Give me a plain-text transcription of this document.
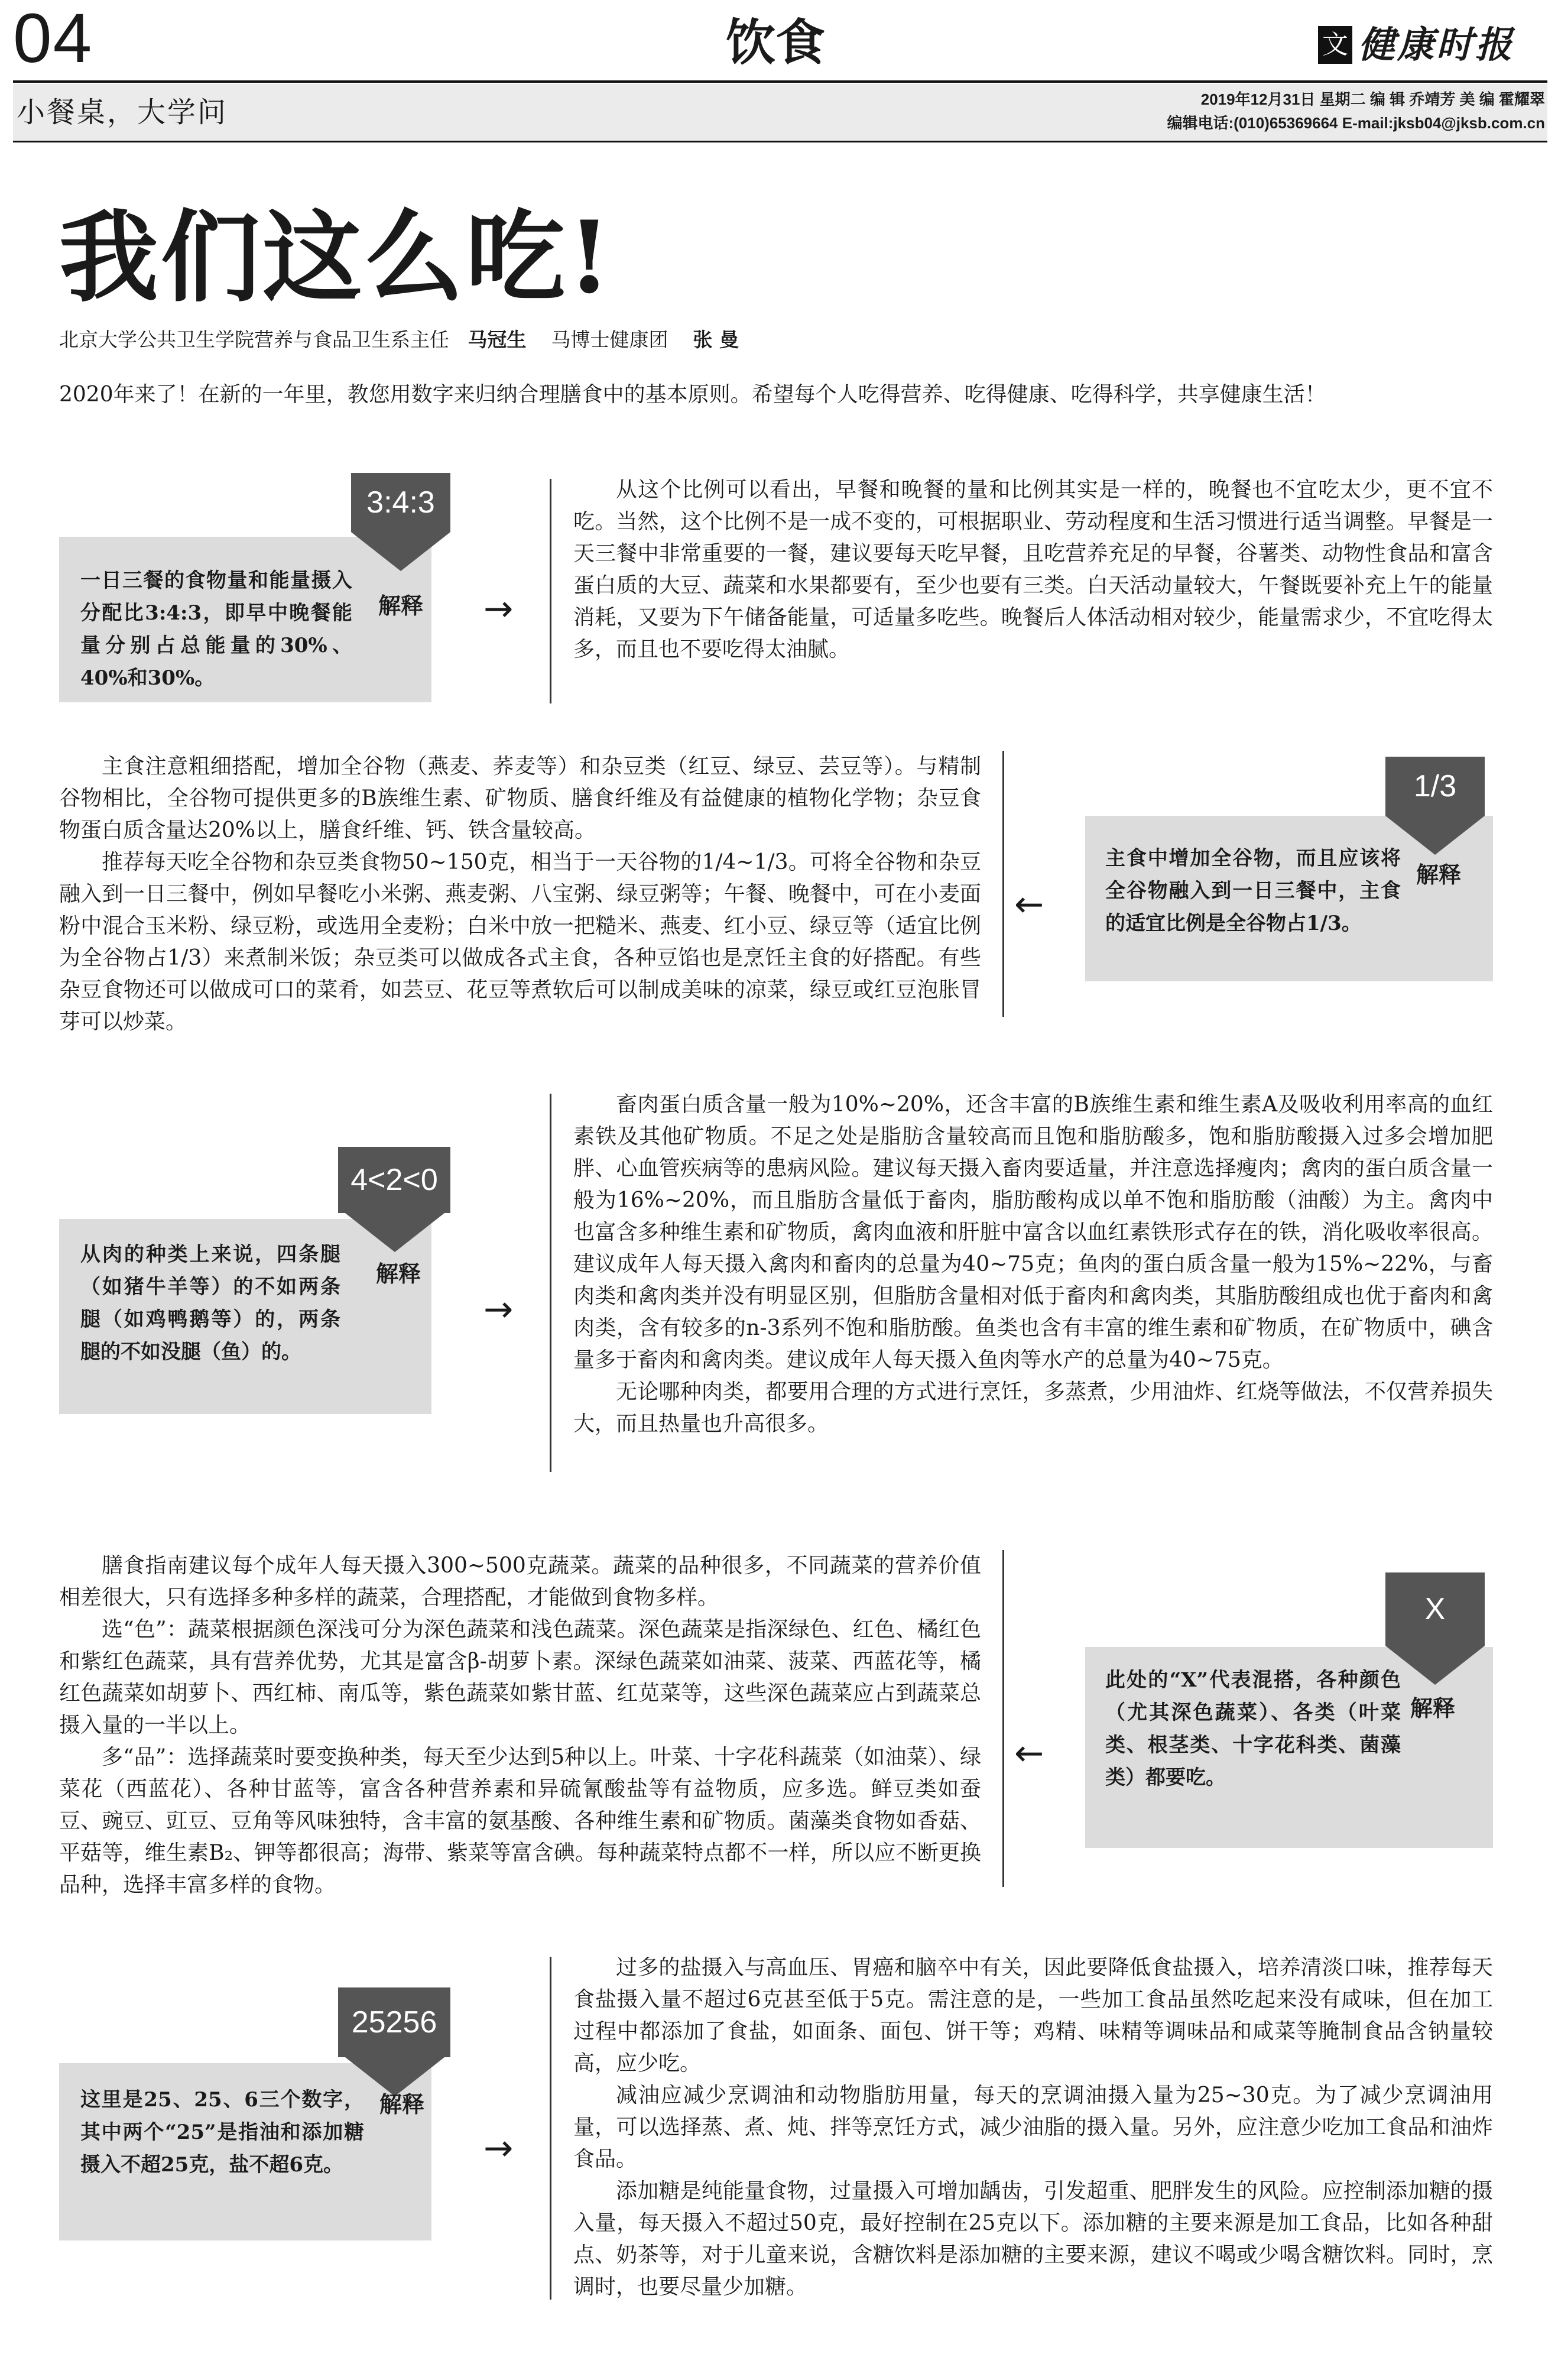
04	饮食	文 健康时报
小餐桌，大学问	2019年12月31日 星期二 编 辑 乔靖芳 美 编 霍耀翠
编辑电话:(010)65369664 E-mail:jksb04@jksb.com.cn
我们这么吃!
北京大学公共卫生学院营养与食品卫生系主任 马冠生 马博士健康团 张 曼
2020年来了！在新的一年里，教您用数字来归纳合理膳食中的基本原则。希望每个人吃得营养、吃得健康、吃得科学，共享健康生活！
3:4:3
一日三餐的食物量和能量摄入分配比3:4:3，即早中晚餐能量分别占总能量的30%、40%和30%。
解释 →

从这个比例可以看出，早餐和晚餐的量和比例其实是一样的，晚餐也不宜吃太少，更不宜不吃。当然，这个比例不是一成不变的，可根据职业、劳动程度和生活习惯进行适当调整。早餐是一天三餐中非常重要的一餐，建议要每天吃早餐，且吃营养充足的早餐，谷薯类、动物性食品和富含蛋白质的大豆、蔬菜和水果都要有，至少也要有三类。白天活动量较大，午餐既要补充上午的能量消耗，又要为下午储备能量，可适量多吃些。晚餐后人体活动相对较少，能量需求少，不宜吃得太多，而且也不要吃得太油腻。

主食注意粗细搭配，增加全谷物（燕麦、荞麦等）和杂豆类（红豆、绿豆、芸豆等）。与精制谷物相比，全谷物可提供更多的B族维生素、矿物质、膳食纤维及有益健康的植物化学物；杂豆食物蛋白质含量达20%以上，膳食纤维、钙、铁含量较高。

推荐每天吃全谷物和杂豆类食物50~150克，相当于一天谷物的1/4~1/3。可将全谷物和杂豆融入到一日三餐中，例如早餐吃小米粥、燕麦粥、八宝粥、绿豆粥等；午餐、晚餐中，可在小麦面粉中混合玉米粉、绿豆粉，或选用全麦粉；白米中放一把糙米、燕麦、红小豆、绿豆等（适宜比例为全谷物占1/3）来煮制米饭；杂豆类可以做成各式主食，各种豆馅也是烹饪主食的好搭配。有些杂豆食物还可以做成可口的菜肴，如芸豆、花豆等煮软后可以制成美味的凉菜，绿豆或红豆泡胀冒芽可以炒菜。

←
1/3
主食中增加全谷物，而且应该将全谷物融入到一日三餐中，主食的适宜比例是全谷物占1/3。
解释
4<2<0
从肉的种类上来说，四条腿（如猪牛羊等）的不如两条腿（如鸡鸭鹅等）的，两条腿的不如没腿（鱼）的。
解释
→

畜肉蛋白质含量一般为10%~20%，还含丰富的B族维生素和维生素A及吸收利用率高的血红素铁及其他矿物质。不足之处是脂肪含量较高而且饱和脂肪酸多，饱和脂肪酸摄入过多会增加肥胖、心血管疾病等的患病风险。建议每天摄入畜肉要适量，并注意选择瘦肉；禽肉的蛋白质含量一般为16%~20%，而且脂肪含量低于畜肉，脂肪酸构成以单不饱和脂肪酸（油酸）为主。禽肉中也富含多种维生素和矿物质，禽肉血液和肝脏中富含以血红素铁形式存在的铁，消化吸收率很高。建议成年人每天摄入禽肉和畜肉的总量为40~75克；鱼肉的蛋白质含量一般为15%~22%，与畜肉类和禽肉类并没有明显区别，但脂肪含量相对低于畜肉和禽肉类，其脂肪酸组成也优于畜肉和禽肉类，含有较多的n-3系列不饱和脂肪酸。鱼类也含有丰富的维生素和矿物质，在矿物质中，碘含量多于畜肉和禽肉类。建议成年人每天摄入鱼肉等水产的总量为40~75克。

无论哪种肉类，都要用合理的方式进行烹饪，多蒸煮，少用油炸、红烧等做法，不仅营养损失大，而且热量也升高很多。

膳食指南建议每个成年人每天摄入300~500克蔬菜。蔬菜的品种很多，不同蔬菜的营养价值相差很大，只有选择多种多样的蔬菜，合理搭配，才能做到食物多样。

选“色”：蔬菜根据颜色深浅可分为深色蔬菜和浅色蔬菜。深色蔬菜是指深绿色、红色、橘红色和紫红色蔬菜，具有营养优势，尤其是富含β-胡萝卜素。深绿色蔬菜如油菜、菠菜、西蓝花等，橘红色蔬菜如胡萝卜、西红柿、南瓜等，紫色蔬菜如紫甘蓝、红苋菜等，这些深色蔬菜应占到蔬菜总摄入量的一半以上。

多“品”：选择蔬菜时要变换种类，每天至少达到5种以上。叶菜、十字花科蔬菜（如油菜）、绿菜花（西蓝花）、各种甘蓝等，富含各种营养素和异硫氰酸盐等有益物质，应多选。鲜豆类如蚕豆、豌豆、豇豆、豆角等风味独特，含丰富的氨基酸、各种维生素和矿物质。菌藻类食物如香菇、平菇等，维生素B₂、钾等都很高；海带、紫菜等富含碘。每种蔬菜特点都不一样，所以应不断更换品种，选择丰富多样的食物。

←
X
此处的“X”代表混搭，各种颜色（尤其深色蔬菜）、各类（叶菜类、根茎类、十字花科类、菌藻类）都要吃。
解释
25256
这里是25、25、6三个数字，其中两个“25”是指油和添加糖摄入不超25克，盐不超6克。
解释
→

过多的盐摄入与高血压、胃癌和脑卒中有关，因此要降低食盐摄入，培养清淡口味，推荐每天食盐摄入量不超过6克甚至低于5克。需注意的是，一些加工食品虽然吃起来没有咸味，但在加工过程中都添加了食盐，如面条、面包、饼干等；鸡精、味精等调味品和咸菜等腌制食品含钠量较高，应少吃。

减油应减少烹调油和动物脂肪用量，每天的烹调油摄入量为25~30克。为了减少烹调油用量，可以选择蒸、煮、炖、拌等烹饪方式，减少油脂的摄入量。另外，应注意少吃加工食品和油炸食品。

添加糖是纯能量食物，过量摄入可增加龋齿，引发超重、肥胖发生的风险。应控制添加糖的摄入量，每天摄入不超过50克，最好控制在25克以下。添加糖的主要来源是加工食品，比如各种甜点、奶茶等，对于儿童来说，含糖饮料是添加糖的主要来源，建议不喝或少喝含糖饮料。同时，烹调时，也要尽量少加糖。
